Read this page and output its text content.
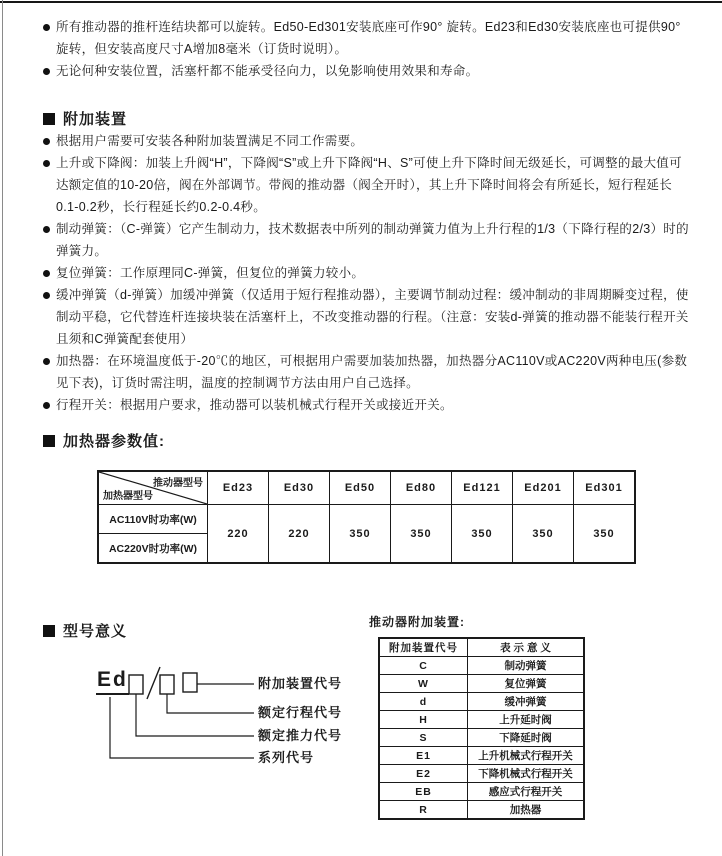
所有推动器的推杆连结块都可以旋转。Ed50-Ed301安装底座可作90° 旋转。Ed23和Ed30安装底座也可提供90° 旋转，但安装高度尺寸A增加8毫米（订货时说明）。

无论何种安装位置，活塞杆都不能承受径向力，以免影响使用效果和寿命。

附加装置

根据用户需要可安装各种附加装置满足不同工作需要。

上升或下降阀：加装上升阀“H”，下降阀“S”或上升下降阀“H、S”可使上升下降时间无级延长，可调整的最大值可达额定值的10-20倍，阀在外部调节。带阀的推动器（阀全开时），其上升下降时间将会有所延长，短行程延长0.1-0.2秒，长行程延长约0.2-0.4秒。

制动弹簧：（C-弹簧）它产生制动力，技术数据表中所列的制动弹簧力值为上升行程的1/3（下降行程的2/3）时的弹簧力。

复位弹簧：工作原理同C-弹簧，但复位的弹簧力较小。

缓冲弹簧（d-弹簧）加缓冲弹簧（仅适用于短行程推动器），主要调节制动过程：缓冲制动的非周期瞬变过程，使制动平稳，它代替连杆连接块装在活塞杆上，不改变推动器的行程。（注意：安装d-弹簧的推动器不能装行程开关且须和C弹簧配套使用）

加热器：在环境温度低于-20℃的地区，可根据用户需要加装加热器，加热器分AC110V或AC220V两种电压(参数见下表)，订货时需注明，温度的控制调节方法由用户自己选择。

行程开关：根据用户要求，推动器可以装机械式行程开关或接近开关。

加热器参数值:
推动器型号
加热器型号	Ed23	Ed30	Ed50	Ed80	Ed121	Ed201	Ed301
AC110V时功率(W)	220	220	350	350	350	350	350
AC220V时功率(W)							
型号意义
Ed	附加装置代号
额定行程代号
额定推力代号
系列代号
推动器附加装置:
附加装置代号	表 示 意 义
C	制动弹簧
W	复位弹簧
d	缓冲弹簧
H	上升延时阀
S	下降延时阀
E1	上升机械式行程开关
E2	下降机械式行程开关
EB	感应式行程开关
R	加热器
